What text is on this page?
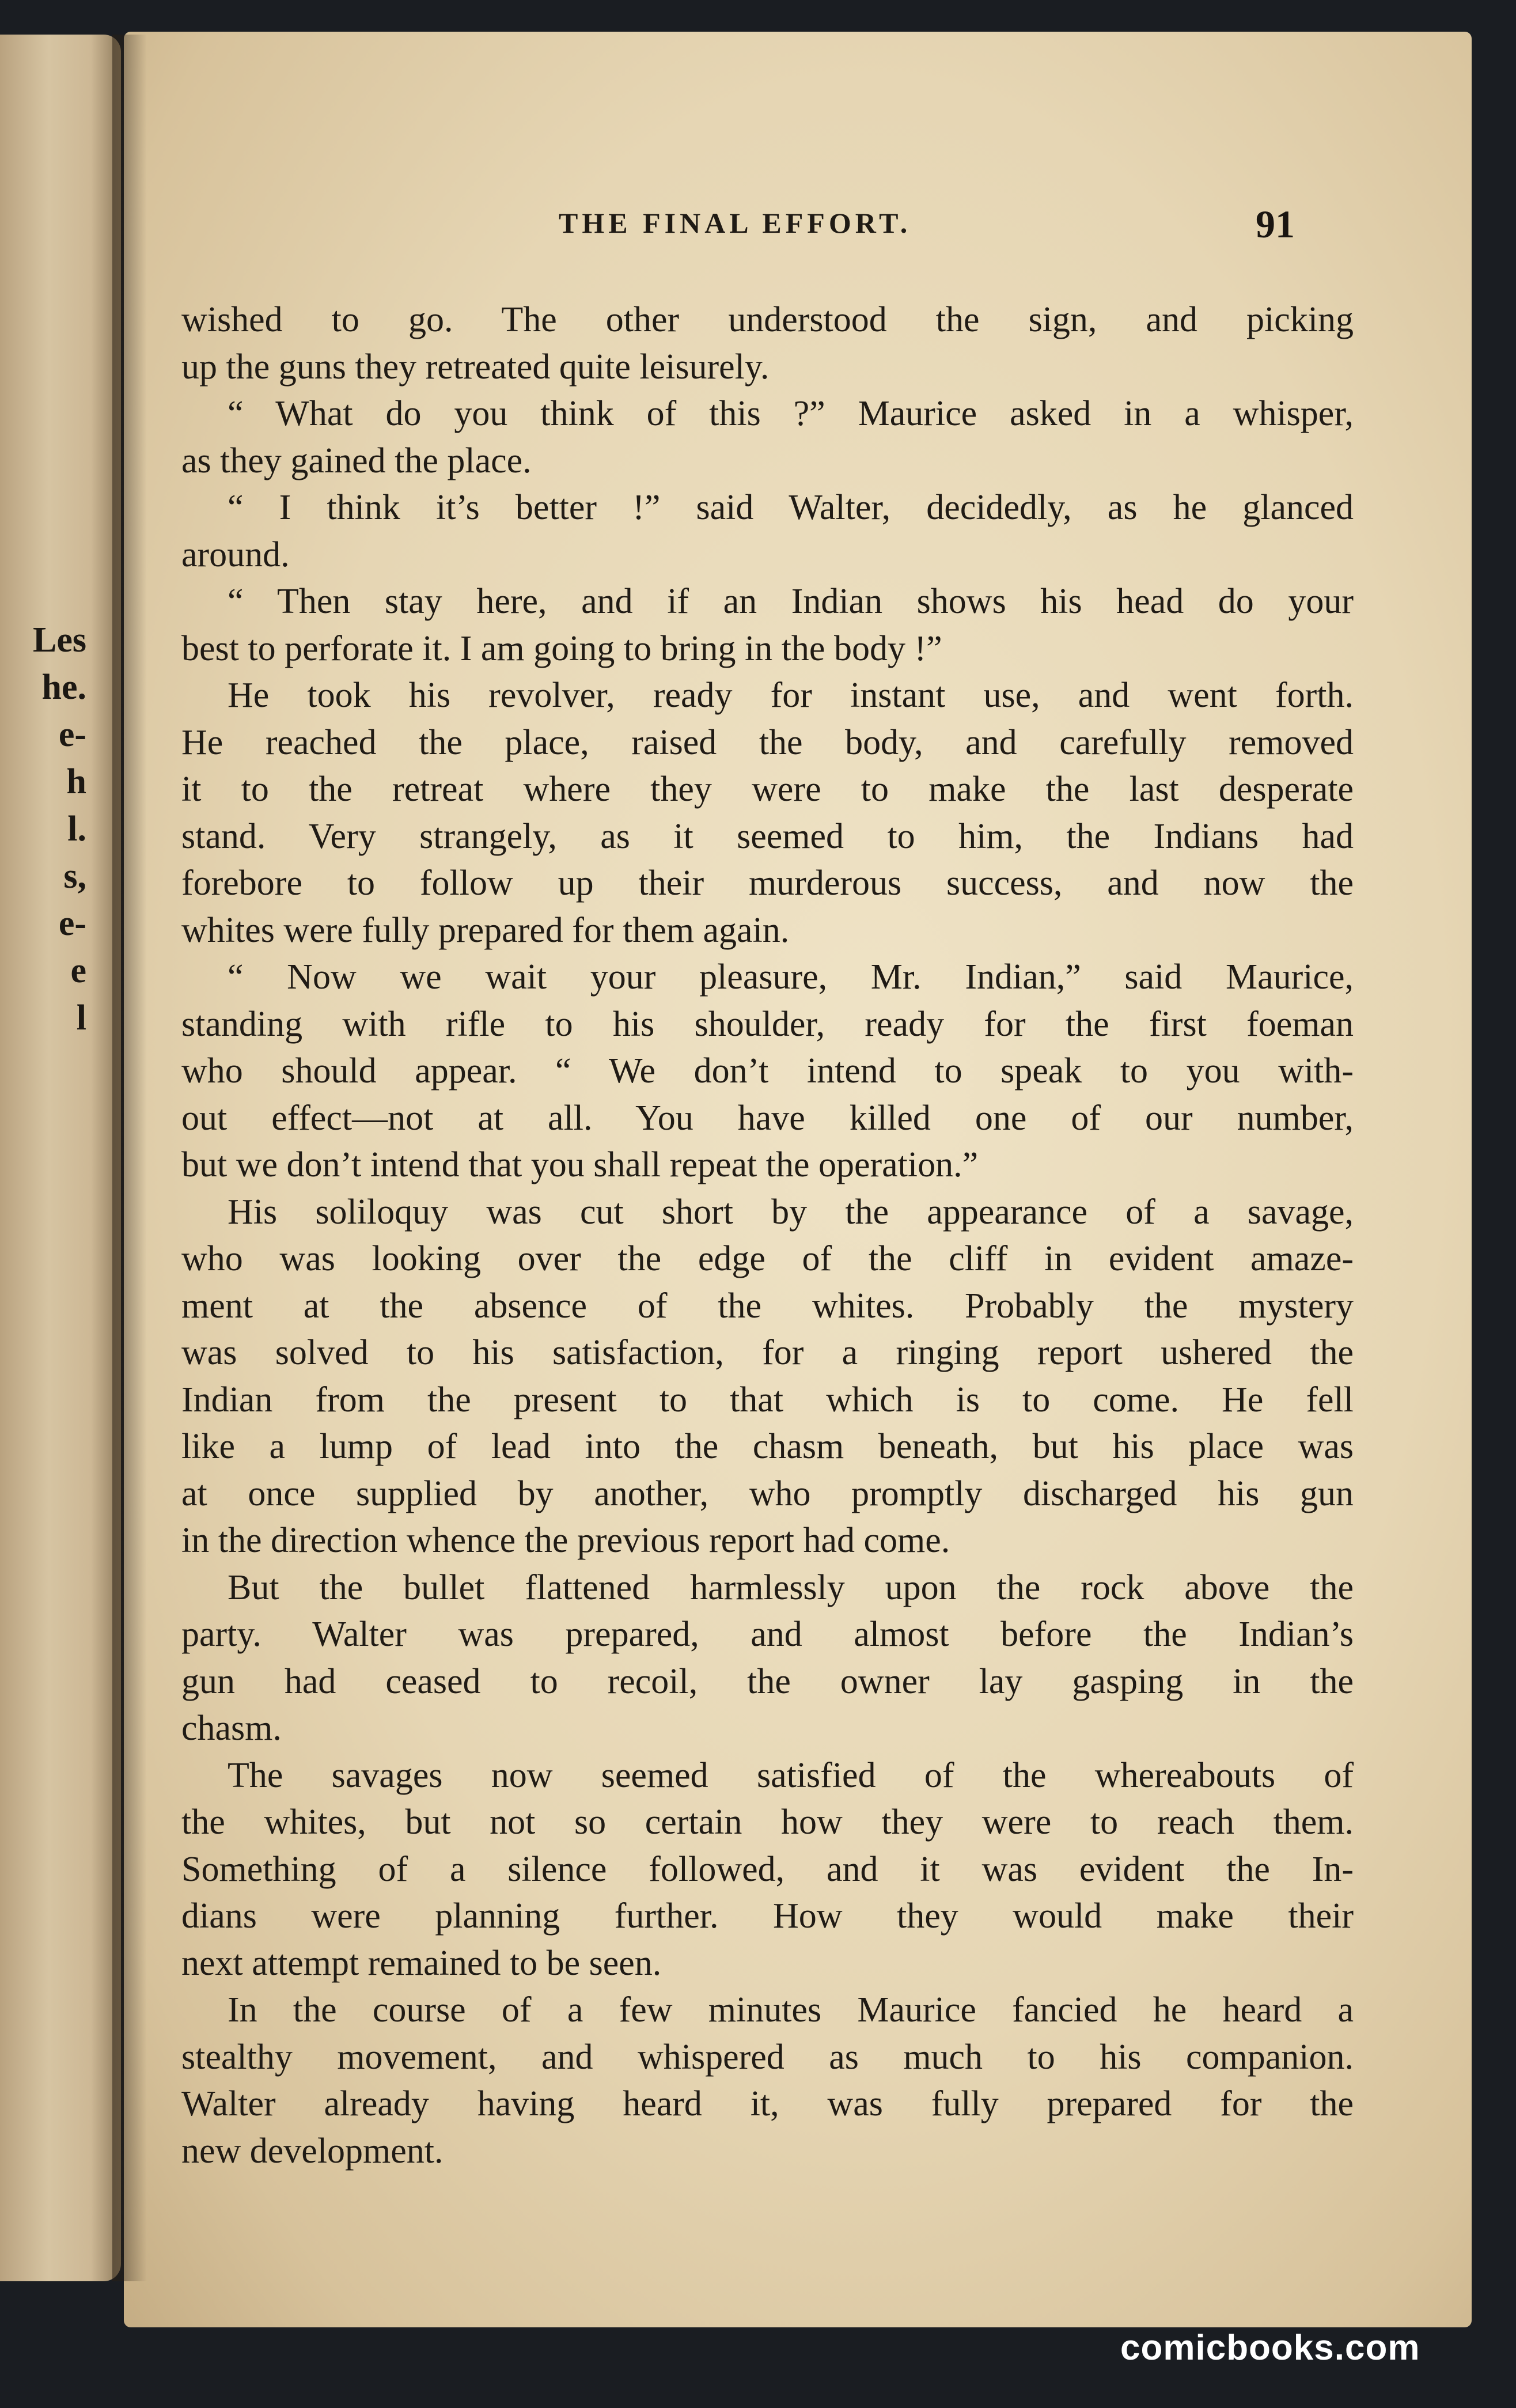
Les
he.
e-
h
l.
s,
e-
e
l
THE FINAL EFFORT.	91
wished to go. The other understood the sign, and picking
up the guns they retreated quite leisurely.
“ What do you think of this ?” Maurice asked in a whisper,
as they gained the place.
“ I think it’s better !” said Walter, decidedly, as he glanced
around.
“ Then stay here, and if an Indian shows his head do your
best to perforate it. I am going to bring in the body !”
He took his revolver, ready for instant use, and went forth.
He reached the place, raised the body, and carefully removed
it to the retreat where they were to make the last desperate
stand. Very strangely, as it seemed to him, the Indians had
forebore to follow up their murderous success, and now the
whites were fully prepared for them again.
“ Now we wait your pleasure, Mr. Indian,” said Maurice,
standing with rifle to his shoulder, ready for the first foeman
who should appear. “ We don’t intend to speak to you with-
out effect—not at all. You have killed one of our number,
but we don’t intend that you shall repeat the operation.”
His soliloquy was cut short by the appearance of a savage,
who was looking over the edge of the cliff in evident amaze-
ment at the absence of the whites. Probably the mystery
was solved to his satisfaction, for a ringing report ushered the
Indian from the present to that which is to come. He fell
like a lump of lead into the chasm beneath, but his place was
at once supplied by another, who promptly discharged his gun
in the direction whence the previous report had come.
But the bullet flattened harmlessly upon the rock above the
party. Walter was prepared, and almost before the Indian’s
gun had ceased to recoil, the owner lay gasping in the
chasm.
The savages now seemed satisfied of the whereabouts of
the whites, but not so certain how they were to reach them.
Something of a silence followed, and it was evident the In-
dians were planning further. How they would make their
next attempt remained to be seen.
In the course of a few minutes Maurice fancied he heard a
stealthy movement, and whispered as much to his companion.
Walter already having heard it, was fully prepared for the
new development.
comicbooks.com
